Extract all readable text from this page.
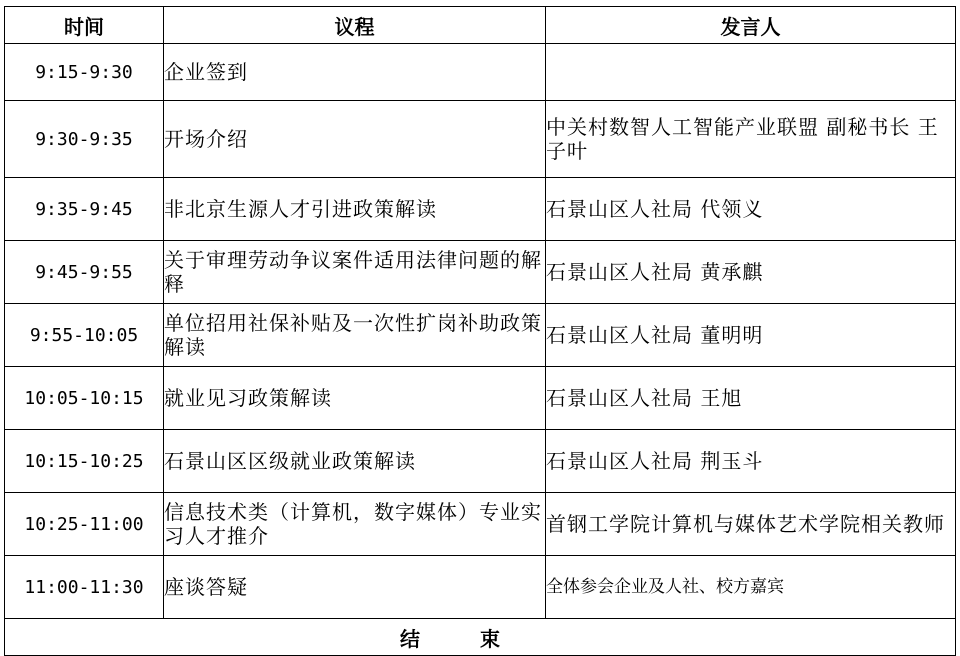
时间	议程	发言人
9:15-9:30	企业签到	
9:30-9:35	开场介绍	中关村数智人工智能产业联盟 副秘书长 王子叶
9:35-9:45	非北京生源人才引进政策解读	石景山区人社局 代领义
9:45-9:55	关于审理劳动争议案件适用法律问题的解释	石景山区人社局 黄承麒
9:55-10:05	单位招用社保补贴及一次性扩岗补助政策解读	石景山区人社局 董明明
10:05-10:15	就业见习政策解读	石景山区人社局 王旭
10:15-10:25	石景山区区级就业政策解读	石景山区人社局 荆玉斗
10:25-11:00	信息技术类（计算机，数字媒体）专业实习人才推介	首钢工学院计算机与媒体艺术学院相关教师
11:00-11:30	座谈答疑	全体参会企业及人社、校方嘉宾
结束		
